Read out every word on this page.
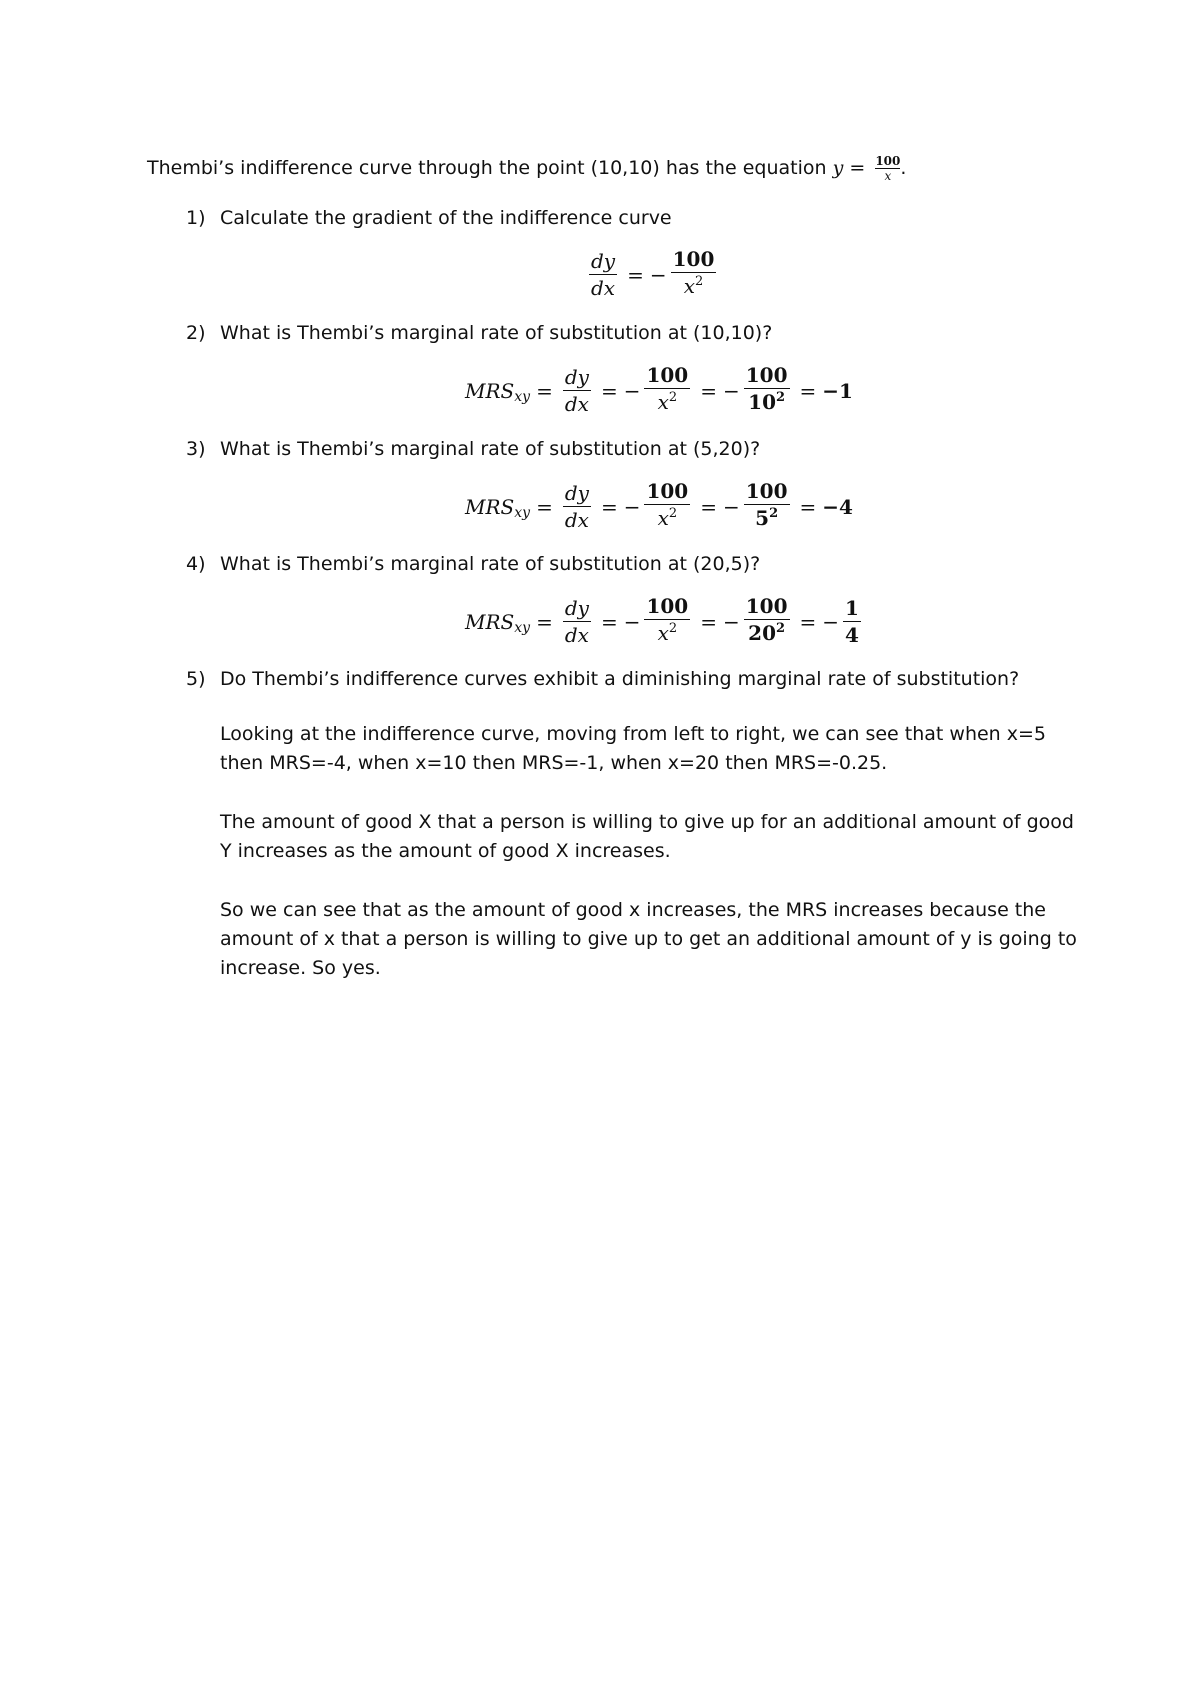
Thembi’s indifference curve through the point (10,10) has the equation $y = \frac{100}{x}$ .
1) Calculate the gradient of the indifference curve
$\frac{dy}{dx}$ = − $\frac{100}{x^2}$
2) What is Thembi’s marginal rate of substitution at (10,10)?
MRS xy = $\frac{dy}{dx}$ = − $\frac{100}{x^2}$ = − $\frac{100}{10^2} = -1$
3) What is Thembi’s marginal rate of substitution at (5,20)?
MRS xy = $\frac{dy}{dx}$ = − $\frac{100}{x^2}$ = − $\frac{100}{5^2} = -4$
4) What is Thembi’s marginal rate of substitution at (20,5)?
MRS xy = $\frac{dy}{dx}$ = − $\frac{100}{x^2}$ = − $\frac{100}{20^2}$ = − $\frac{1}{4}$
5) Do Thembi’s indifference curves exhibit a diminishing marginal rate of substitution?
Looking at the indifference curve, moving from left to right, we can see that when x=5 then MRS=-4, when x=10 then MRS=-1, when x=20 then MRS=-0.25.
The amount of good X that a person is willing to give up for an additional amount of good Y increases as the amount of good X increases.
So we can see that as the amount of good x increases, the MRS increases because the amount of x that a person is willing to give up to get an additional amount of y is going to increase. So yes.
